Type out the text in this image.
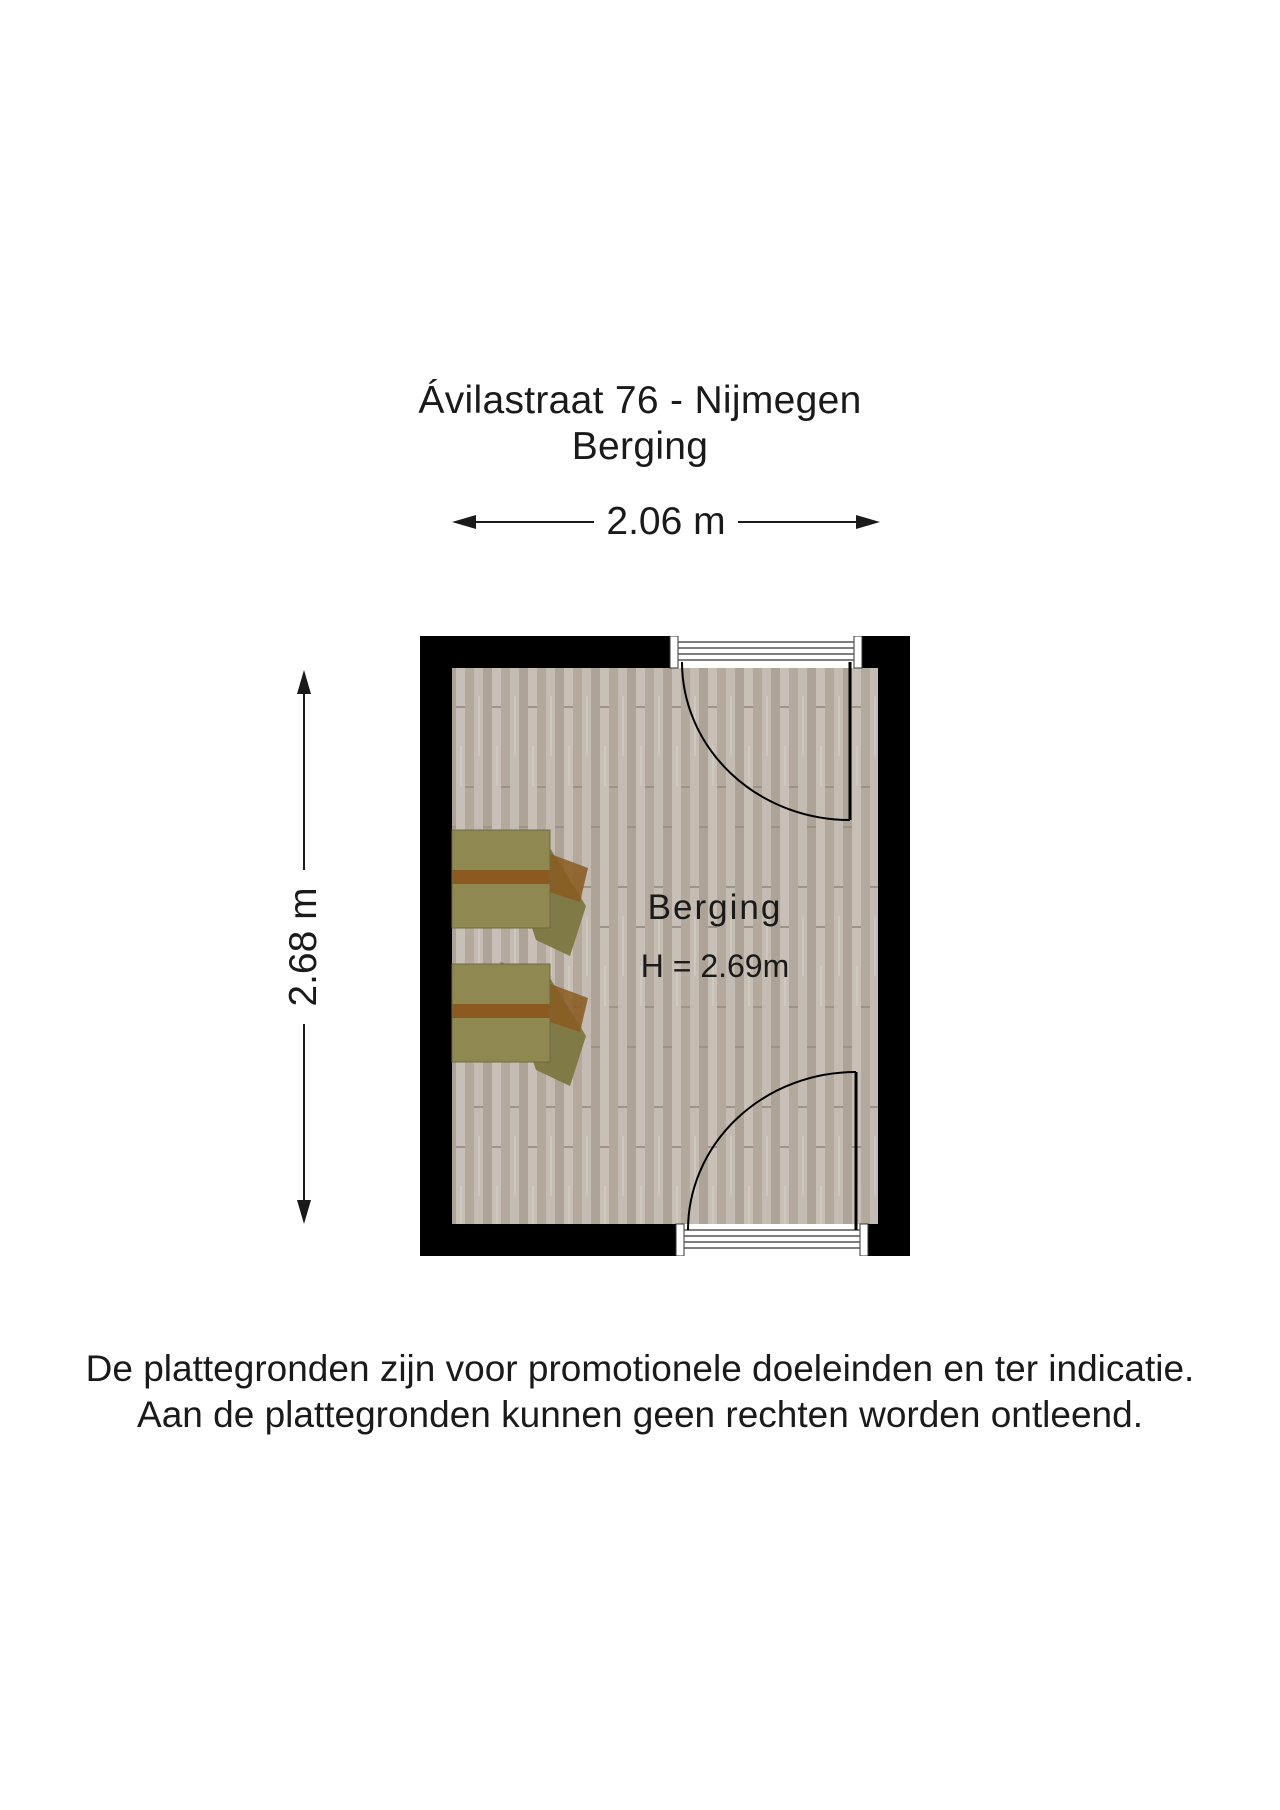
Ávilastraat 76 - Nijmegen
Berging
2.06 m
2.68 m	Berging
H = 2.69m
De plattegronden zijn voor promotionele doeleinden en ter indicatie.
Aan de plattegronden kunnen geen rechten worden ontleend.
